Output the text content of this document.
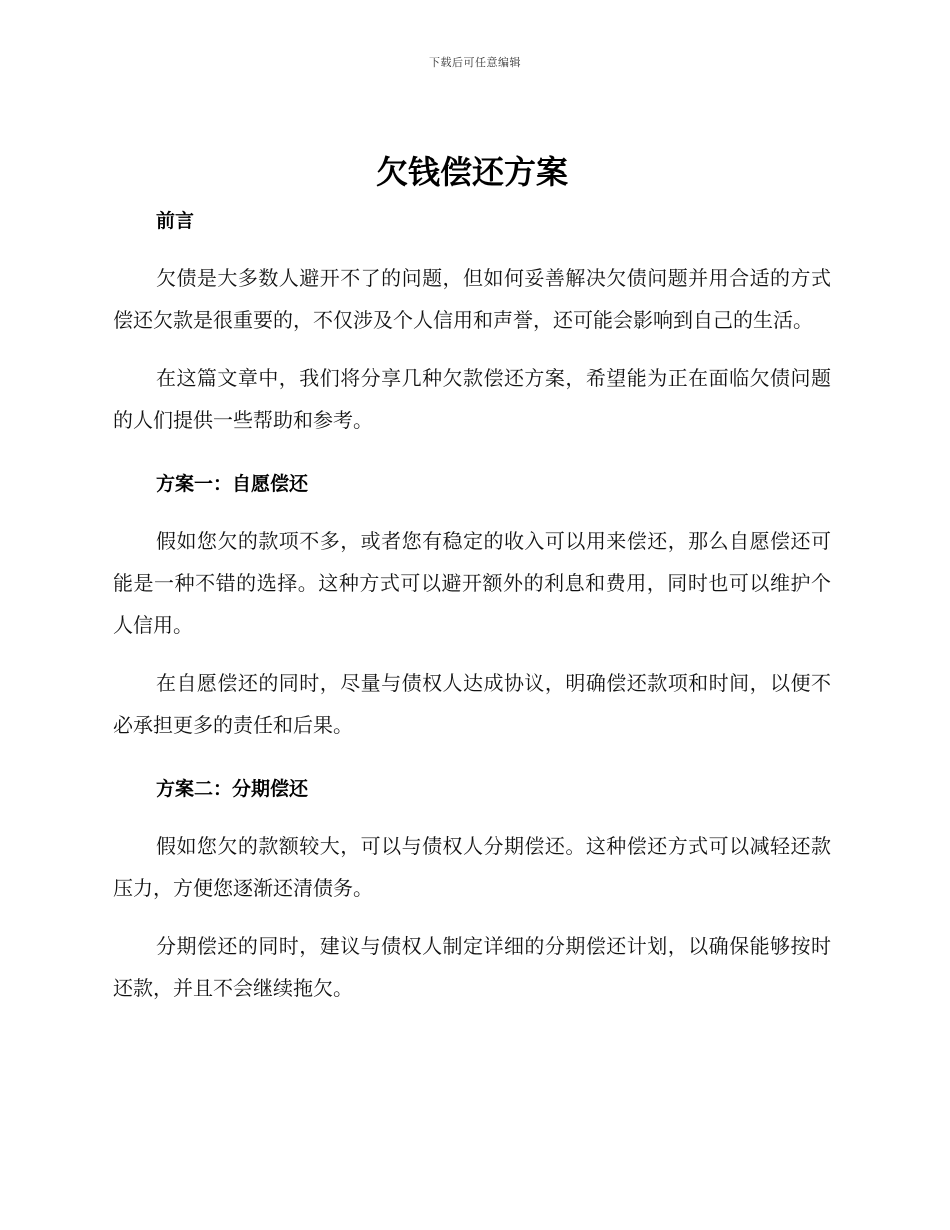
下载后可任意编辑
欠钱偿还方案
前言

欠债是大多数人避开不了的问题，但如何妥善解决欠债问题并用合适的方式偿还欠款是很重要的，不仅涉及个人信用和声誉，还可能会影响到自己的生活。

在这篇文章中，我们将分享几种欠款偿还方案，希望能为正在面临欠债问题的人们提供一些帮助和参考。

方案一：自愿偿还

假如您欠的款项不多，或者您有稳定的收入可以用来偿还，那么自愿偿还可能是一种不错的选择。这种方式可以避开额外的利息和费用，同时也可以维护个人信用。

在自愿偿还的同时，尽量与债权人达成协议，明确偿还款项和时间，以便不必承担更多的责任和后果。

方案二：分期偿还

假如您欠的款额较大，可以与债权人分期偿还。这种偿还方式可以减轻还款压力，方便您逐渐还清债务。

分期偿还的同时，建议与债权人制定详细的分期偿还计划，以确保能够按时还款，并且不会继续拖欠。
